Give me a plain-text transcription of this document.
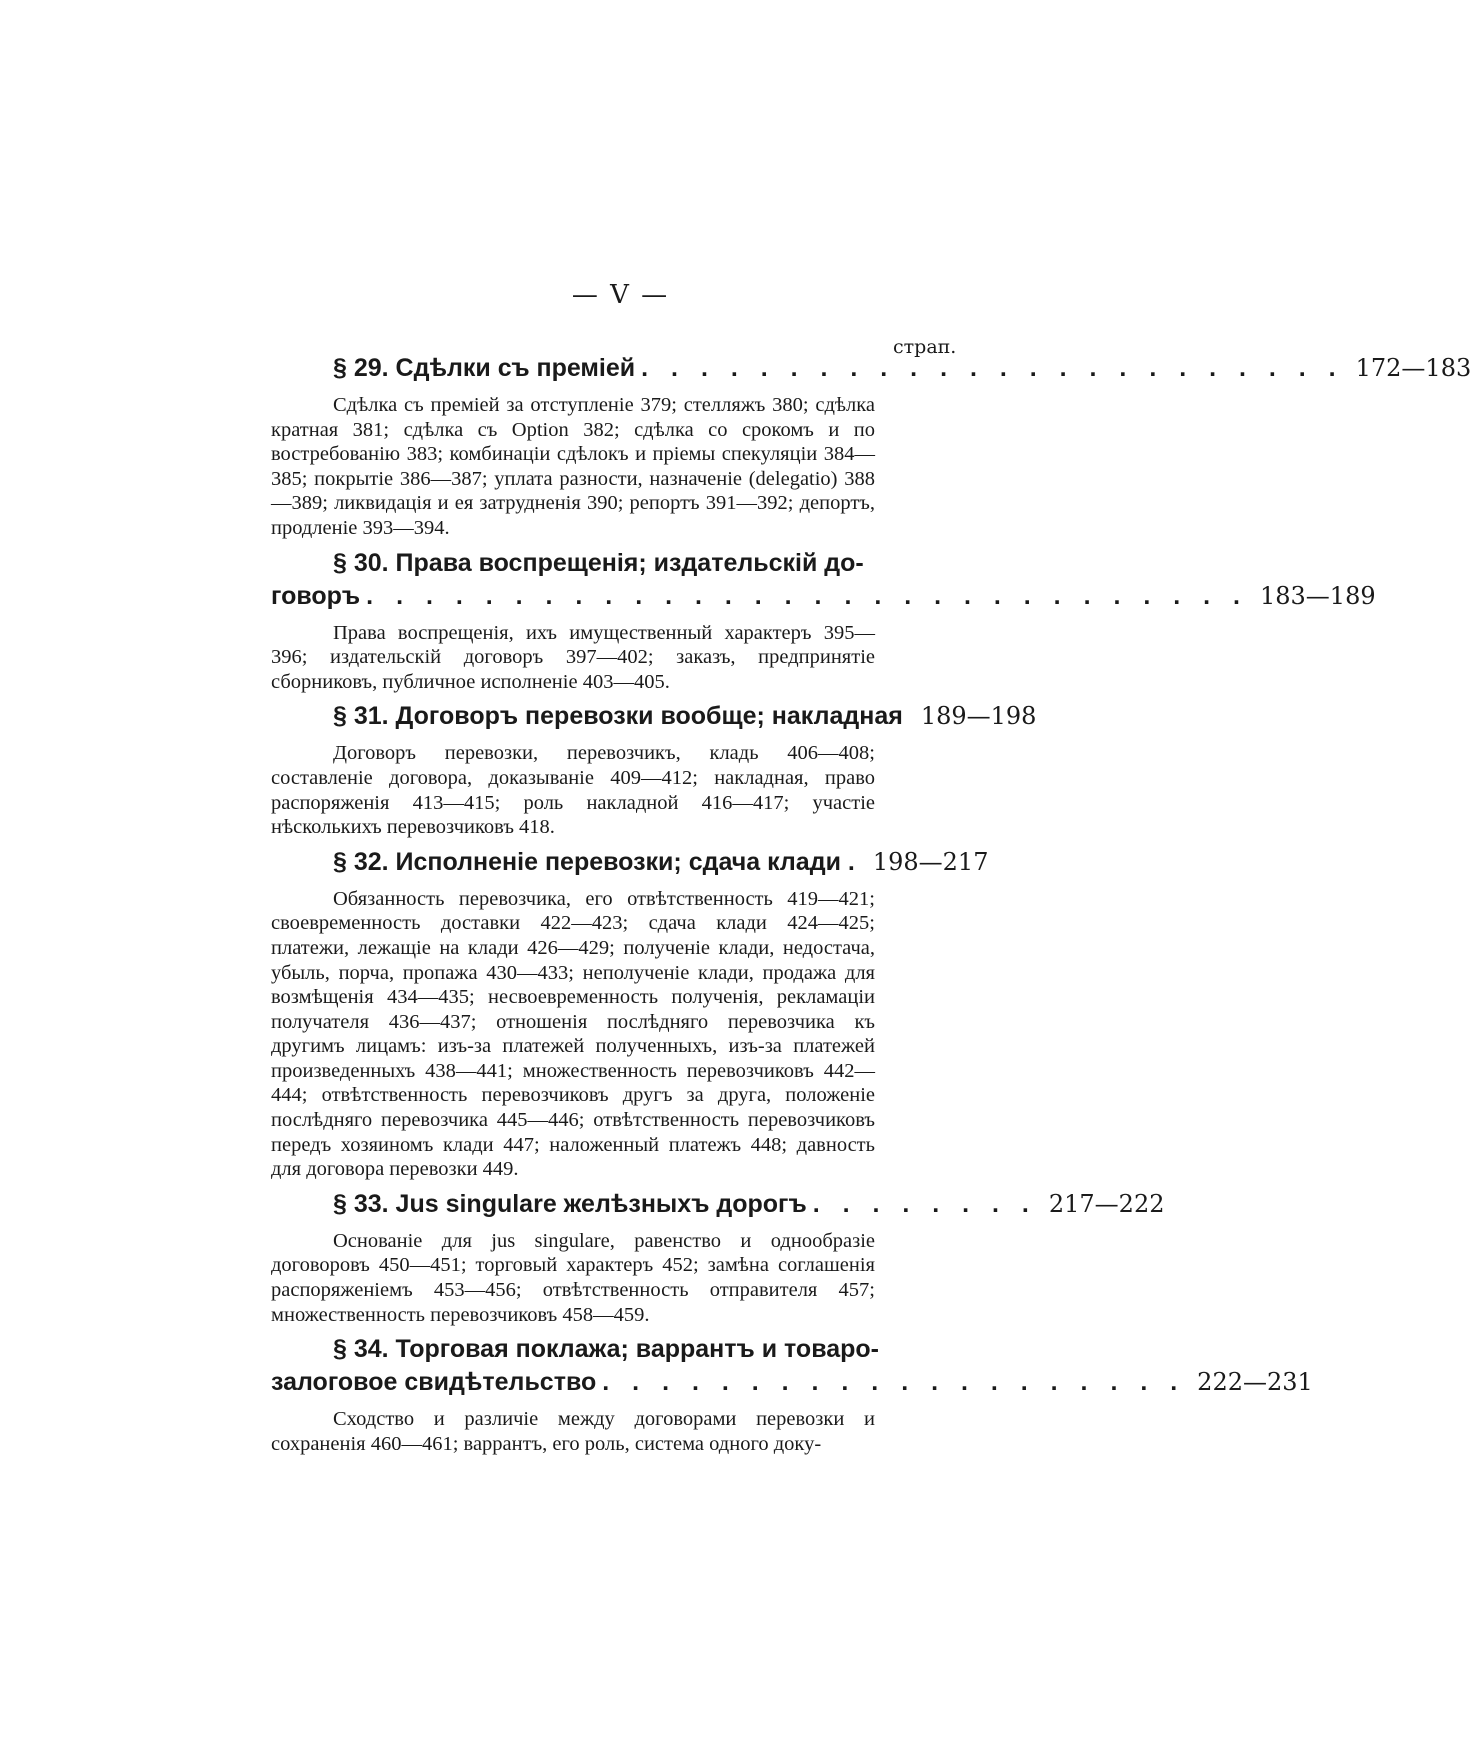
— V —
страп.
§ 29. Сдѣлки съ преміей . . . . . . . . . . . . . . . . . . . . . . . . 172—183
Сдѣлка съ преміей за отступленіе 379; стелляжъ 380; сдѣлка кратная 381; сдѣлка съ Option 382; сдѣлка со срокомъ и по востребованію 383; комбинаціи сдѣлокъ и пріемы спекуляціи 384—385; покрытіе 386—387; уплата разности, назначеніе (delegatio) 388—389; ликвидація и ея затрудненія 390; репортъ 391—392; депортъ, продленіе 393—394.
§ 30. Права воспрещенія; издательскій до-
говоръ . . . . . . . . . . . . . . . . . . . . . . . . . . . . . . 183—189
Права воспрещенія, ихъ имущественный характеръ 395—396; издательскій договоръ 397—402; заказъ, предпринятіе сборниковъ, публичное исполненіе 403—405.
§ 31. Договоръ перевозки вообще; накладная 189—198
Договоръ перевозки, перевозчикъ, кладь 406—408; составленіе договора, доказываніе 409—412; накладная, право распоряженія 413—415; роль накладной 416—417; участіе нѣсколькихъ перевозчиковъ 418.
§ 32. Исполненіе перевозки; сдача клади . 198—217
Обязанность перевозчика, его отвѣтственность 419—421; своевременность доставки 422—423; сдача клади 424—425; платежи, лежащіе на клади 426—429; полученіе клади, недостача, убыль, порча, пропажа 430—433; неполученіе клади, продажа для возмѣщенія 434—435; несвоевременность полученія, рекламаціи получателя 436—437; отношенія послѣдняго перевозчика къ другимъ лицамъ: изъ-за платежей полученныхъ, изъ-за платежей произведенныхъ 438—441; множественность перевозчиковъ 442—444; отвѣтственность перевозчиковъ другъ за друга, положеніе послѣдняго перевозчика 445—446; отвѣтственность перевозчиковъ передъ хозяиномъ клади 447; наложенный платежъ 448; давность для договора перевозки 449.
§ 33. Jus singulare желѣзныхъ дорогъ . . . . . . . . 217—222
Основаніе для jus singulare, равенство и однообразіе договоровъ 450—451; торговый характеръ 452; замѣна соглашенія распоряженіемъ 453—456; отвѣтственность отправителя 457; множественность перевозчиковъ 458—459.
§ 34. Торговая поклажа; варрантъ и товаро-
залоговое свидѣтельство . . . . . . . . . . . . . . . . . . . . 222—231
Сходство и различіе между договорами перевозки и сохраненія 460—461; варрантъ, его роль, система одного доку-
